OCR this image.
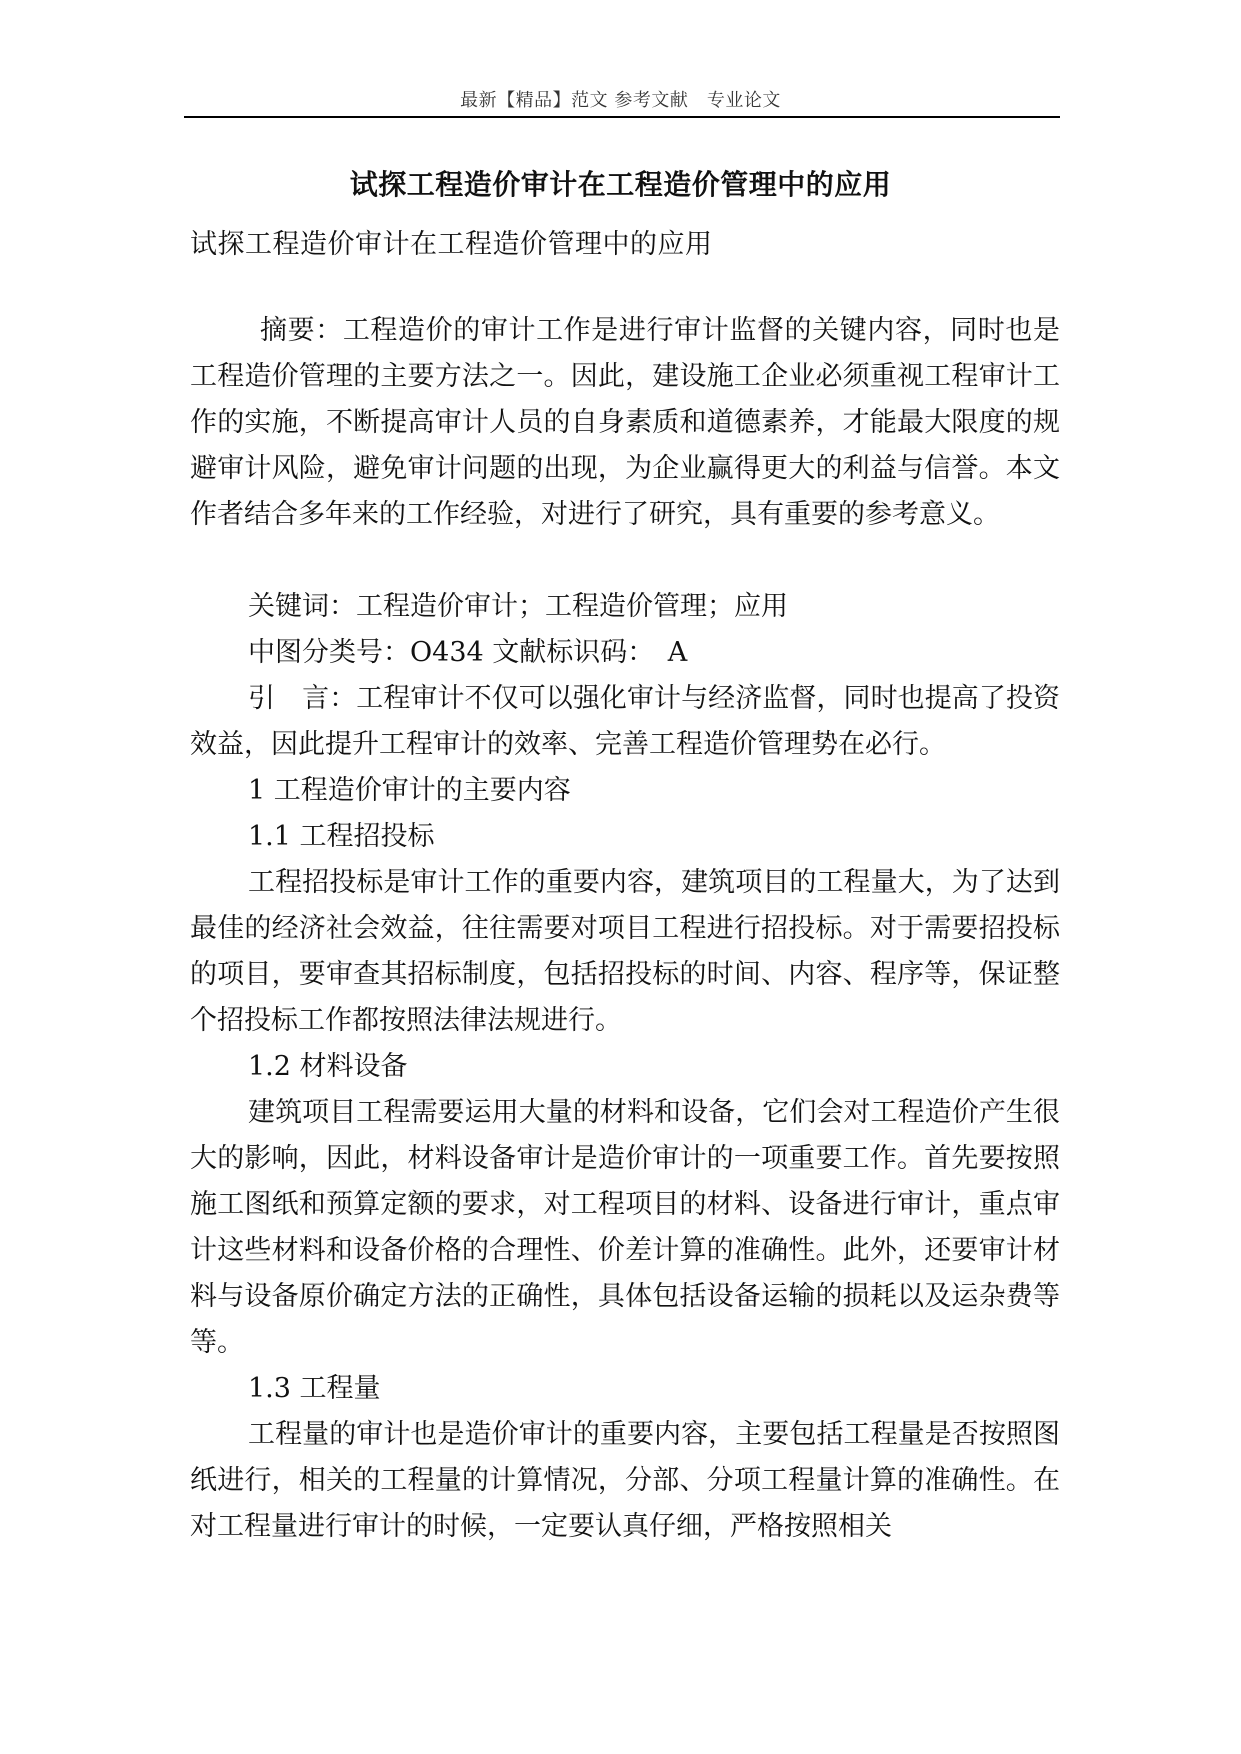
最新【精品】范文 参考文献　专业论文
试探工程造价审计在工程造价管理中的应用
试探工程造价审计在工程造价管理中的应用

摘要：工程造价的审计工作是进行审计监督的关键内容，同时也是工程造价管理的主要方法之一。因此，建设施工企业必须重视工程审计工作的实施，不断提高审计人员的自身素质和道德素养，才能最大限度的规避审计风险，避免审计问题的出现，为企业赢得更大的利益与信誉。本文作者结合多年来的工作经验，对进行了研究，具有重要的参考意义。

关键词：工程造价审计；工程造价管理；应用
中图分类号：O434 文献标识码：　A

引　言：工程审计不仅可以强化审计与经济监督，同时也提高了投资效益，因此提升工程审计的效率、完善工程造价管理势在必行。

1 工程造价审计的主要内容
1.1 工程招投标

工程招投标是审计工作的重要内容，建筑项目的工程量大，为了达到最佳的经济社会效益，往往需要对项目工程进行招投标。对于需要招投标的项目，要审查其招标制度，包括招投标的时间、内容、程序等，保证整个招投标工作都按照法律法规进行。

1.2 材料设备

建筑项目工程需要运用大量的材料和设备，它们会对工程造价产生很大的影响，因此，材料设备审计是造价审计的一项重要工作。首先要按照施工图纸和预算定额的要求，对工程项目的材料、设备进行审计，重点审计这些材料和设备价格的合理性、价差计算的准确性。此外，还要审计材料与设备原价确定方法的正确性，具体包括设备运输的损耗以及运杂费等等。

1.3 工程量

工程量的审计也是造价审计的重要内容，主要包括工程量是否按照图纸进行，相关的工程量的计算情况，分部、分项工程量计算的准确性。在对工程量进行审计的时候，一定要认真仔细，严格按照相关
